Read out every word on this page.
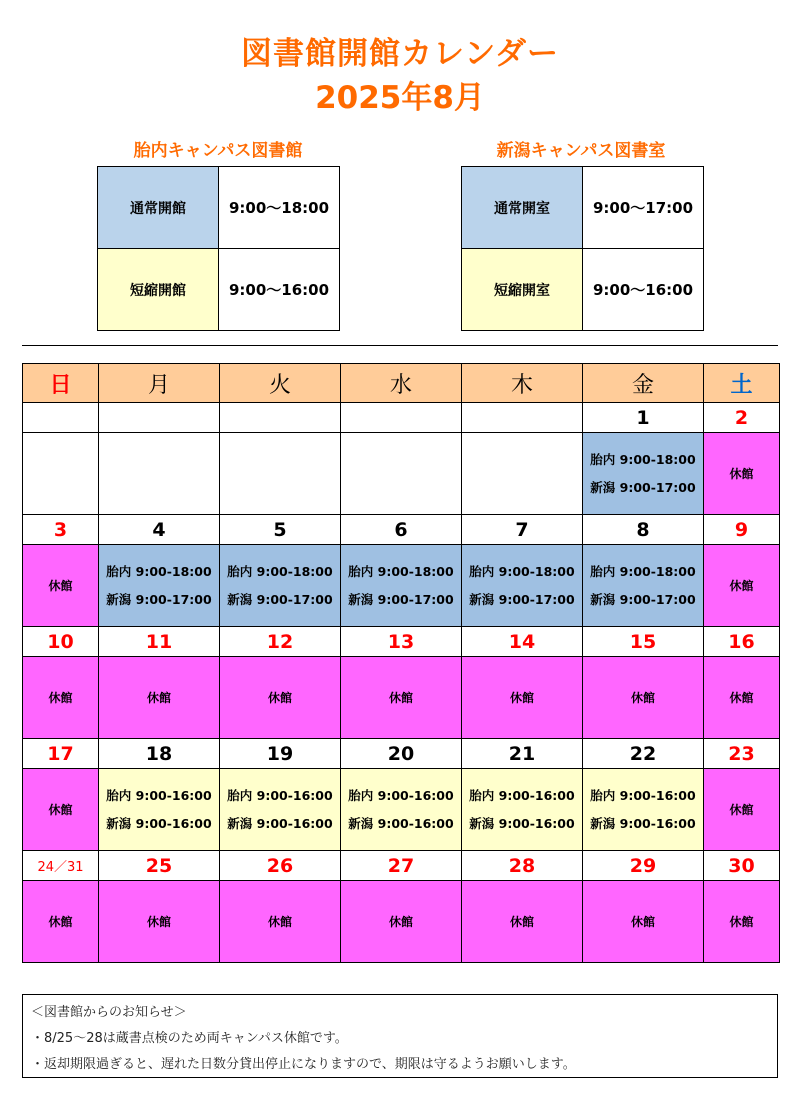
図書館開館カレンダー
2025年8月
胎内キャンパス図書館
通常開館	9:00～18:00
短縮開館	9:00～16:00
新潟キャンパス図書室
通常開室	9:00～17:00
短縮開室	9:00～16:00
日	月	火	水	木	金	土
					1	2

					胎内 9:00-18:00
新潟 9:00-17:00	休館
3	4	5	6	7	8	9
休館	胎内 9:00-18:00
新潟 9:00-17:00	胎内 9:00-18:00
新潟 9:00-17:00	胎内 9:00-18:00
新潟 9:00-17:00	胎内 9:00-18:00
新潟 9:00-17:00	胎内 9:00-18:00
新潟 9:00-17:00	休館
10	11	12	13	14	15	16
休館	休館	休館	休館	休館	休館	休館
17	18	19	20	21	22	23
休館	胎内 9:00-16:00
新潟 9:00-16:00	胎内 9:00-16:00
新潟 9:00-16:00	胎内 9:00-16:00
新潟 9:00-16:00	胎内 9:00-16:00
新潟 9:00-16:00	胎内 9:00-16:00
新潟 9:00-16:00	休館
24／31	25	26	27	28	29	30
休館	休館	休館	休館	休館	休館	休館
＜図書館からのお知らせ＞
・8/25～28は蔵書点検のため両キャンパス休館です。
・返却期限過ぎると、遅れた日数分貸出停止になりますので、期限は守るようお願いします。
